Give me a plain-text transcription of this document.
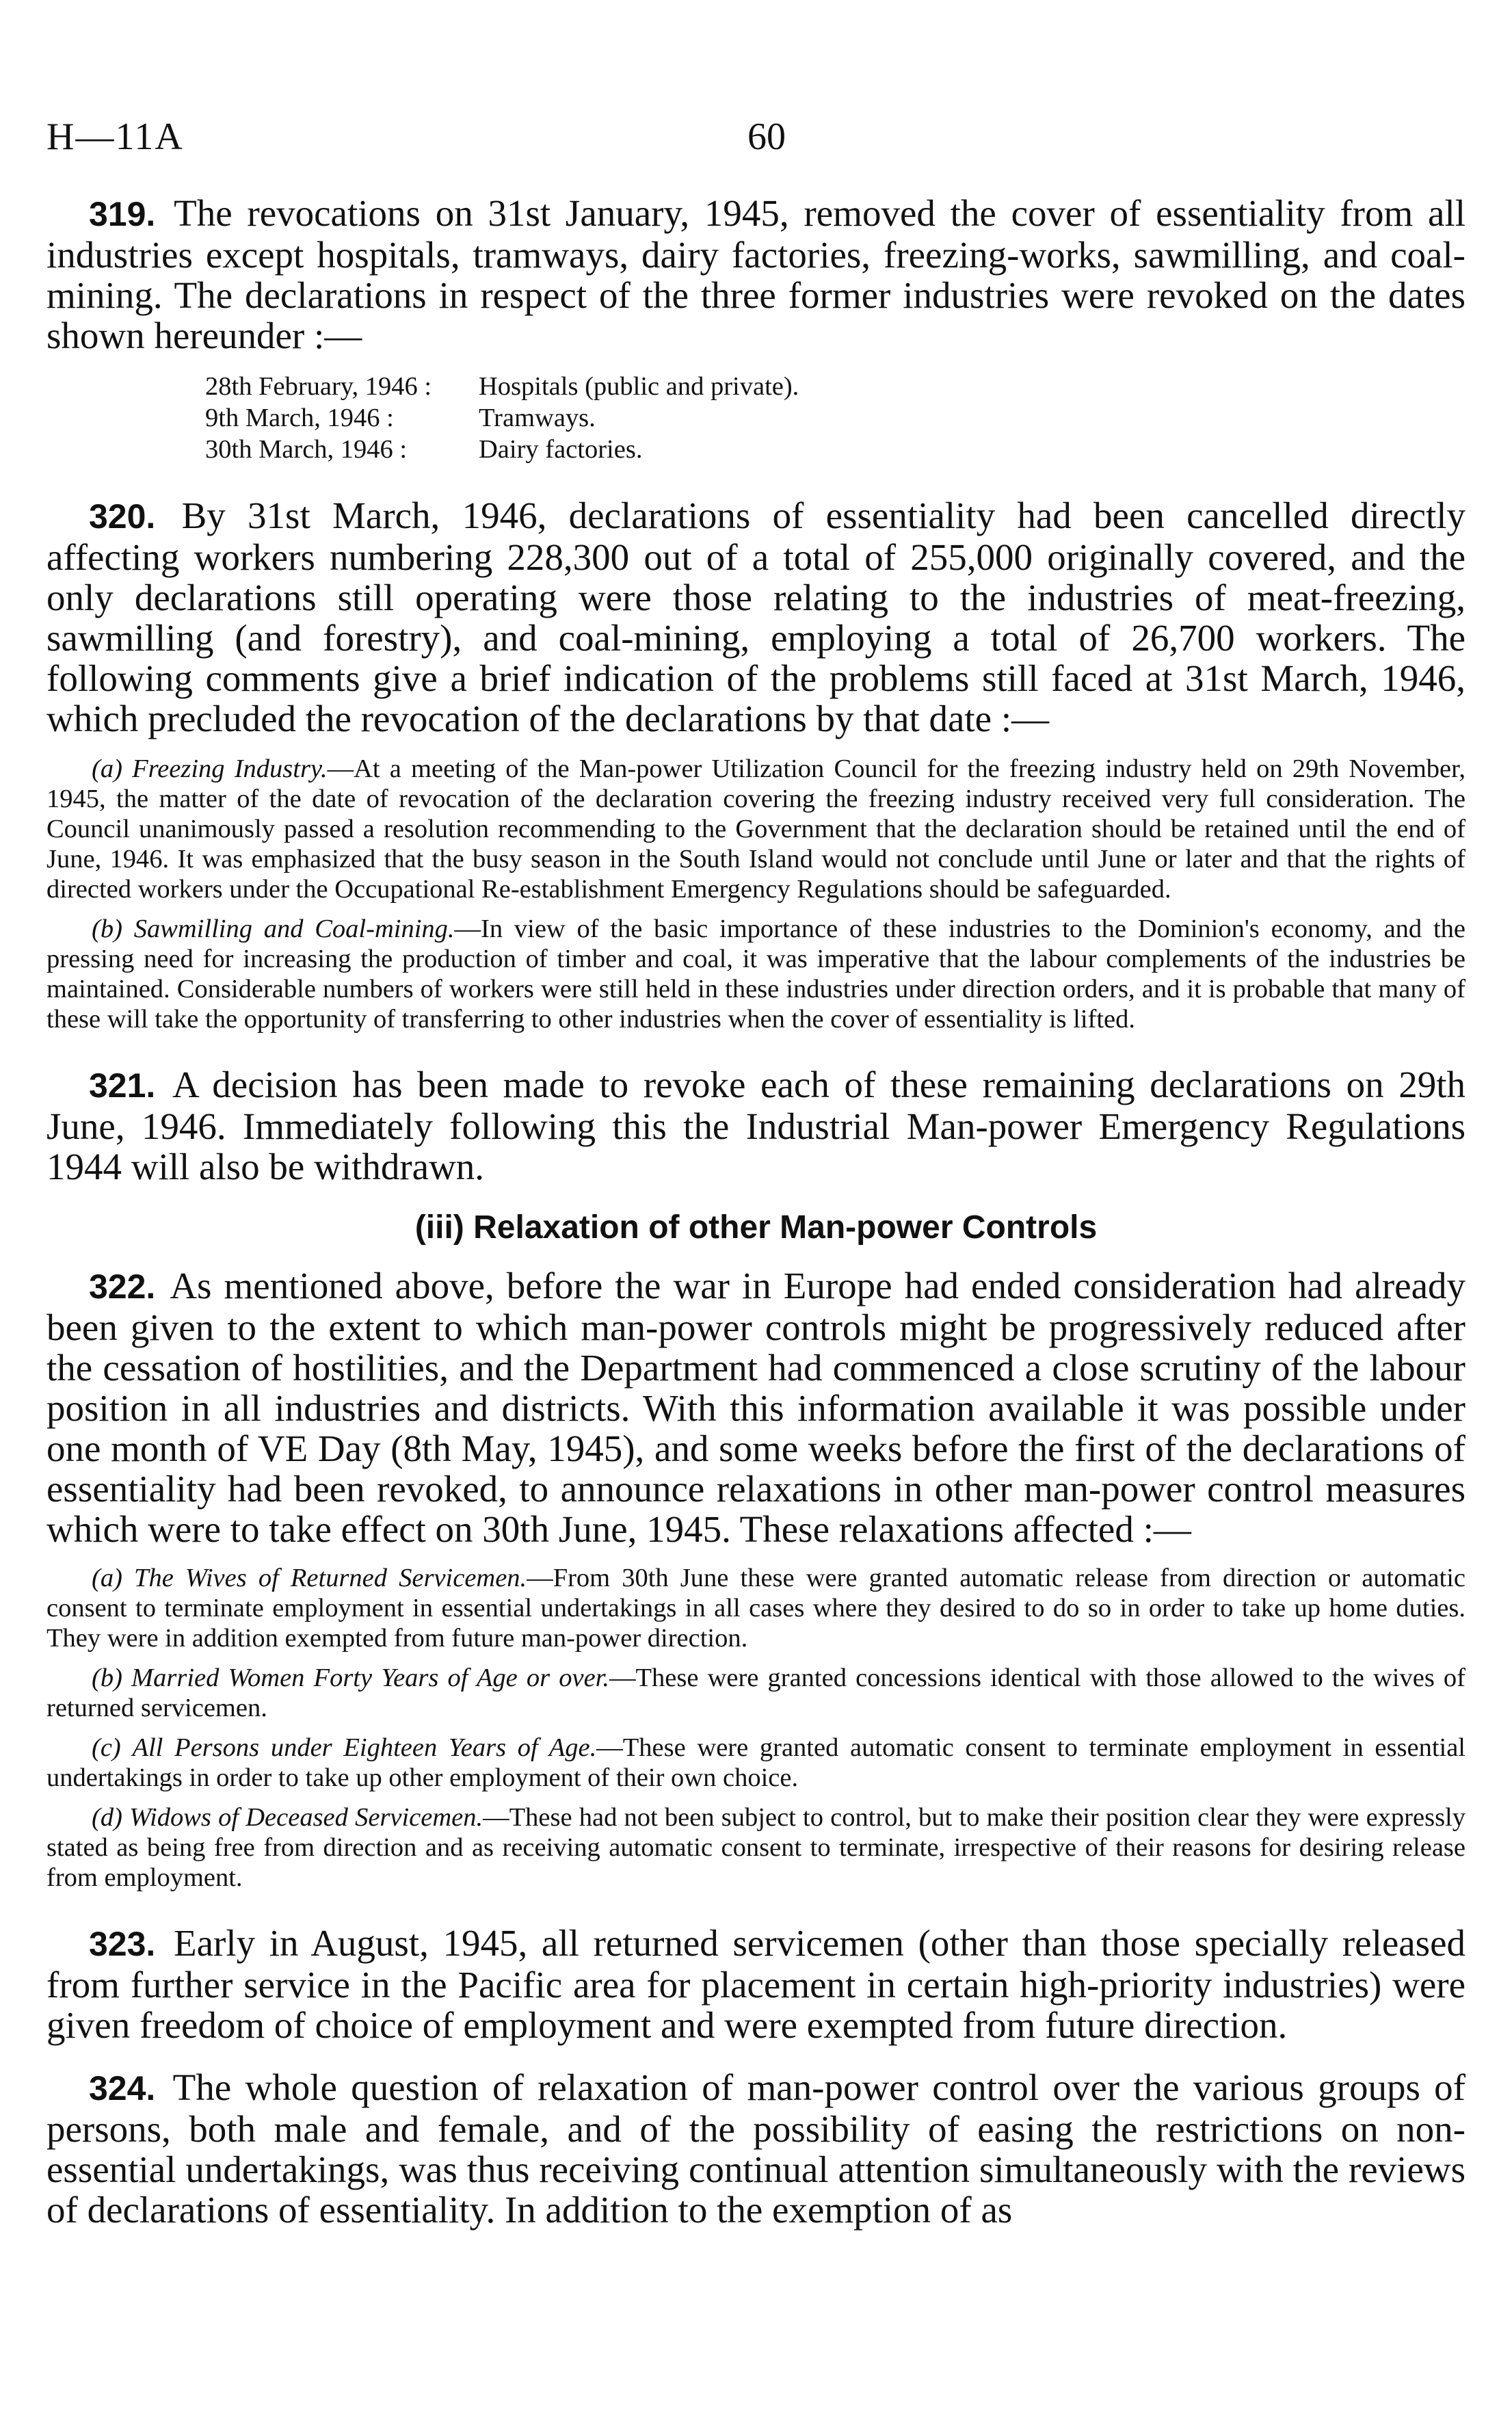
H—11A	60

319. The revocations on 31st January, 1945, removed the cover of essentiality from all industries except hospitals, tramways, dairy factories, freezing-works, sawmilling, and coal-mining. The declarations in respect of the three former industries were revoked on the dates shown hereunder :—

28th February, 1946 :	Hospitals (public and private).
9th March, 1946 :	Tramways.
30th March, 1946 :	Dairy factories.

320. By 31st March, 1946, declarations of essentiality had been cancelled directly affecting workers numbering 228,300 out of a total of 255,000 originally covered, and the only declarations still operating were those relating to the industries of meat-freezing, sawmilling (and forestry), and coal-mining, employing a total of 26,700 workers. The following comments give a brief indication of the problems still faced at 31st March, 1946, which precluded the revocation of the declarations by that date :—

(a) Freezing Industry.—At a meeting of the Man-power Utilization Council for the freezing industry held on 29th November, 1945, the matter of the date of revocation of the declaration covering the freezing industry received very full consideration. The Council unanimously passed a resolution recommending to the Government that the declaration should be retained until the end of June, 1946. It was emphasized that the busy season in the South Island would not conclude until June or later and that the rights of directed workers under the Occupational Re-establishment Emergency Regulations should be safeguarded.

(b) Sawmilling and Coal-mining.—In view of the basic importance of these industries to the Dominion's economy, and the pressing need for increasing the production of timber and coal, it was imperative that the labour complements of the industries be maintained. Considerable numbers of workers were still held in these industries under direction orders, and it is probable that many of these will take the opportunity of transferring to other industries when the cover of essentiality is lifted.

321. A decision has been made to revoke each of these remaining declarations on 29th June, 1946. Immediately following this the Industrial Man-power Emergency Regulations 1944 will also be withdrawn.

(iii) Relaxation of other Man-power Controls

322. As mentioned above, before the war in Europe had ended consideration had already been given to the extent to which man-power controls might be progressively reduced after the cessation of hostilities, and the Department had commenced a close scrutiny of the labour position in all industries and districts. With this information available it was possible under one month of VE Day (8th May, 1945), and some weeks before the first of the declarations of essentiality had been revoked, to announce relaxations in other man-power control measures which were to take effect on 30th June, 1945. These relaxations affected :—

(a) The Wives of Returned Servicemen.—From 30th June these were granted automatic release from direction or automatic consent to terminate employment in essential undertakings in all cases where they desired to do so in order to take up home duties. They were in addition exempted from future man-power direction.

(b) Married Women Forty Years of Age or over.—These were granted concessions identical with those allowed to the wives of returned servicemen.

(c) All Persons under Eighteen Years of Age.—These were granted automatic consent to terminate employment in essential undertakings in order to take up other employment of their own choice.

(d) Widows of Deceased Servicemen.—These had not been subject to control, but to make their position clear they were expressly stated as being free from direction and as receiving automatic consent to terminate, irrespective of their reasons for desiring release from employment.

323. Early in August, 1945, all returned servicemen (other than those specially released from further service in the Pacific area for placement in certain high-priority industries) were given freedom of choice of employment and were exempted from future direction.

324. The whole question of relaxation of man-power control over the various groups of persons, both male and female, and of the possibility of easing the restrictions on non-essential undertakings, was thus receiving continual attention simultaneously with the reviews of declarations of essentiality. In addition to the exemption of as
